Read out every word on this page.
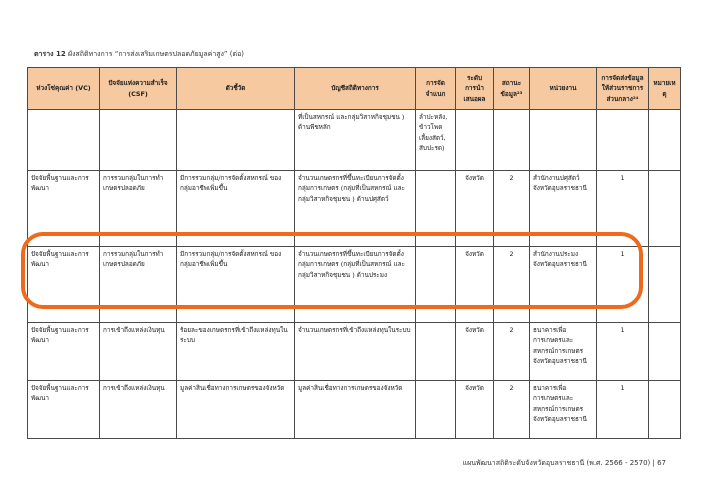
ตาราง 12 ผังสถิติทางการ “การส่งเสริมเกษตรปลอดภัยมูลค่าสูง” (ต่อ)
ห่วงโซ่คุณค่า (VC)	ปัจจัยแห่งความสำเร็จ (CSF)	ตัวชี้วัด	บัญชีสถิติทางการ	การจัดจำแนก	ระดับการนำเสนอผล	สถานะข้อมูล²³	หน่วยงาน	การจัดส่งข้อมูลให้ส่วนราชการส่วนกลาง²⁴	หมายเหตุ
			ที่เป็นสหกรณ์ และกลุ่มวิสาหกิจชุมชน ) ด้านพืชหลัก	ลำปะหลัง, ข้าวโพดเลี้ยงสัตว์, สับปะรด)					
ปัจจัยพื้นฐานและการพัฒนา	การรวมกลุ่มในการทำเกษตรปลอดภัย	มีการรวมกลุ่ม/การจัดตั้งสหกรณ์ ของกลุ่มอาชีพเพิ่มขึ้น	จำนวนเกษตรกรที่ขึ้นทะเบียนการจัดตั้งกลุ่มการเกษตร (กลุ่มที่เป็นสหกรณ์ และกลุ่มวิสาหกิจชุมชน ) ด้านปศุสัตว์		จังหวัด	2	สำนักงานปศุสัตว์จังหวัดอุบลราชธานี	1	
ปัจจัยพื้นฐานและการพัฒนา	การรวมกลุ่มในการทำเกษตรปลอดภัย	มีการรวมกลุ่ม/การจัดตั้งสหกรณ์ ของกลุ่มอาชีพเพิ่มขึ้น	จำนวนเกษตรกรที่ขึ้นทะเบียนการจัดตั้งกลุ่มการเกษตร (กลุ่มที่เป็นสหกรณ์ และกลุ่มวิสาหกิจชุมชน ) ด้านประมง		จังหวัด	2	สำนักงานประมงจังหวัดอุบลราชธานี	1	
ปัจจัยพื้นฐานและการพัฒนา	การเข้าถึงแหล่งเงินทุน	ร้อยละของเกษตรกรที่เข้าถึงแหล่งทุนในระบบ	จำนวนเกษตรกรที่เข้าถึงแหล่งทุนในระบบ		จังหวัด	2	ธนาคารเพื่อการเกษตรและสหกรณ์การเกษตรจังหวัดอุบลราชธานี	1	
ปัจจัยพื้นฐานและการพัฒนา	การเข้าถึงแหล่งเงินทุน	มูลค่าสินเชื่อทางการเกษตรของจังหวัด	มูลค่าสินเชื่อทางการเกษตรของจังหวัด		จังหวัด	2	ธนาคารเพื่อการเกษตรและสหกรณ์การเกษตรจังหวัดอุบลราชธานี	1	
แผนพัฒนาสถิติระดับจังหวัดอุบลราชธานี (พ.ศ. 2566 - 2570) | 67
